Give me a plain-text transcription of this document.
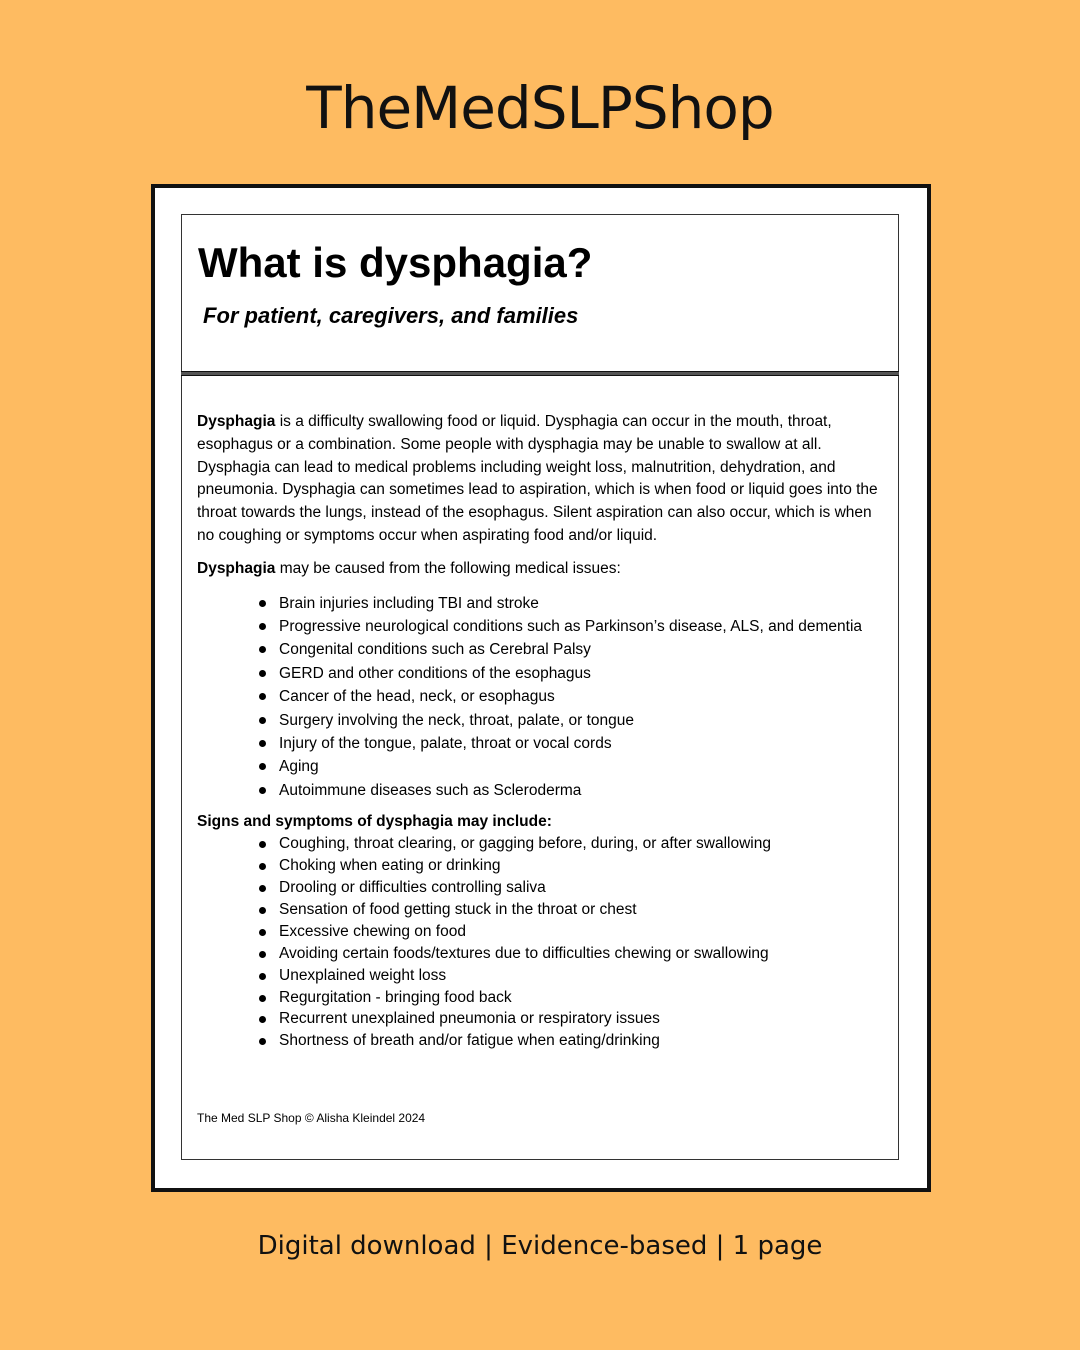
TheMedSLPShop
What is dysphagia?

For patient, caregivers, and families

Dysphagia is a difficulty swallowing food or liquid. Dysphagia can occur in the mouth, throat, esophagus or a combination. Some people with dysphagia may be unable to swallow at all. Dysphagia can lead to medical problems including weight loss, malnutrition, dehydration, and pneumonia. Dysphagia can sometimes lead to aspiration, which is when food or liquid goes into the throat towards the lungs, instead of the esophagus. Silent aspiration can also occur, which is when no coughing or symptoms occur when aspirating food and/or liquid.

Dysphagia may be caused from the following medical issues:

Brain injuries including TBI and stroke
Progressive neurological conditions such as Parkinson’s disease, ALS, and dementia
Congenital conditions such as Cerebral Palsy
GERD and other conditions of the esophagus
Cancer of the head, neck, or esophagus
Surgery involving the neck, throat, palate, or tongue
Injury of the tongue, palate, throat or vocal cords
Aging
Autoimmune diseases such as Scleroderma

Signs and symptoms of dysphagia may include:

Coughing, throat clearing, or gagging before, during, or after swallowing
Choking when eating or drinking
Drooling or difficulties controlling saliva
Sensation of food getting stuck in the throat or chest
Excessive chewing on food
Avoiding certain foods/textures due to difficulties chewing or swallowing
Unexplained weight loss
Regurgitation - bringing food back
Recurrent unexplained pneumonia or respiratory issues
Shortness of breath and/or fatigue when eating/drinking

The Med SLP Shop © Alisha Kleindel 2024

Digital download | Evidence-based | 1 page
